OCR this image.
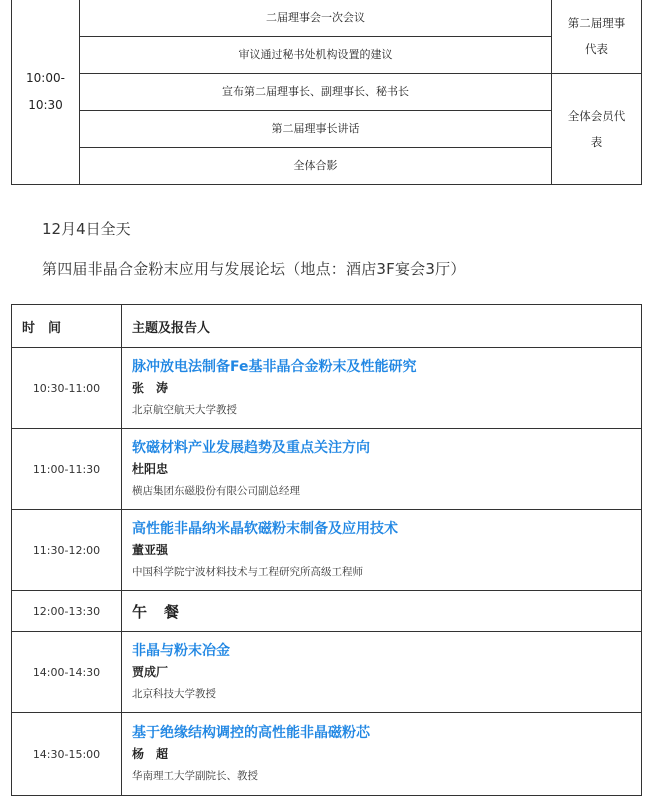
10:00-
10:30	二届理事会一次会议	第二届理事
代表
	审议通过秘书处机构设置的建议	
	宣布第二届理事长、副理事长、秘书长	全体会员代
表
	第二届理事长讲话	
	全体合影	
12月4日全天
第四届非晶合金粉末应用与发展论坛（地点：酒店3F宴会3厅）
时　间	主题及报告人
10:30-11:00	脉冲放电法制备Fe基非晶合金粉末及性能研究
张　涛
北京航空航天大学教授

11:00-11:30	软磁材料产业发展趋势及重点关注方向
杜阳忠
横店集团东磁股份有限公司副总经理

11:30-12:00	高性能非晶纳米晶软磁粉末制备及应用技术
董亚强
中国科学院宁波材料技术与工程研究所高级工程师

12:00-13:30	午　餐
14:00-14:30	非晶与粉末冶金
贾成厂
北京科技大学教授

14:30-15:00	基于绝缘结构调控的高性能非晶磁粉芯
杨　超
华南理工大学副院长、教授
